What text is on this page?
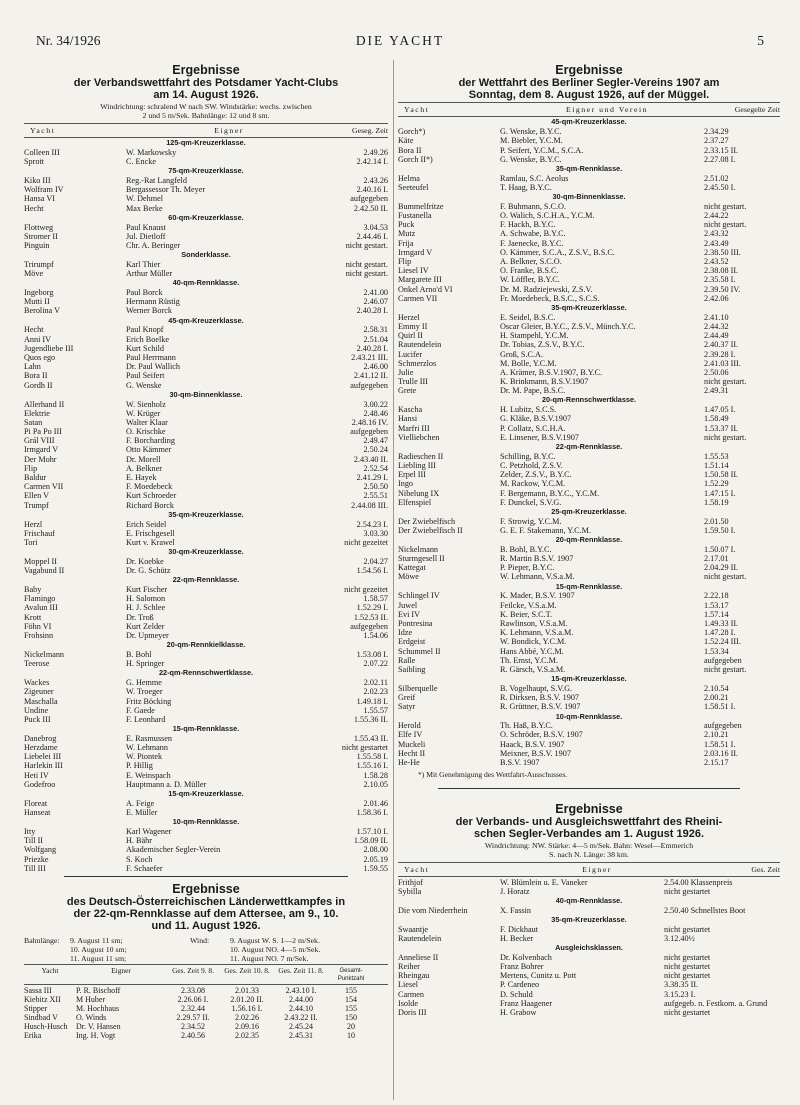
Nr. 34/1926	DIE YACHT	5
Ergebnisse

der Verbandswettfahrt des Potsdamer Yacht-Clubs

am 14. August 1926.

Windrichtung: schralend W nach SW. Windstärke: wechs. zwischen
2 und 5 m/Sek. Bahnlänge: 12 und 8 sm.
Yacht	Eigner	Geseg. Zeit
125-qm-Kreuzerklasse.
Colleen III	W. Markowsky	2.49.26
Sprott	C. Encke	2.42.14 I.
75-qm-Kreuzerklasse.
Kiko III	Reg.-Rat Langfeld	2.43.26
Wolfram IV	Bergassessor Th. Meyer	2.40.16 I.
Hansa VI	W. Dehmel	aufgegeben
Hecht	Max Berke	2.42.50 II.
60-qm-Kreuzerklasse.
Flottweg	Paul Knaust	3.04.53
Stromer II	Jul. Dietloff	2.44.46 I.
Pinguin	Chr. A. Beringer	nicht gestart.
Sonderklasse.
Trirumpf	Karl Thier	nicht gestart.
Möve	Arthur Müller	nicht gestart.
40-qm-Rennklasse.
Ingeborg	Paul Borck	2.41.00
Mutti II	Hermann Rüstig	2.46.07
Berolina V	Werner Borck	2.40.28 I.
45-qm-Kreuzerklasse.
Hecht	Paul Knopf	2.58.31
Anni IV	Erich Boelke	2.51.04
Jugendliebe III	Kurt Schild	2.40.28 I.
Quos ego	Paul Herrmann	2.43.21 III.
Lahn	Dr. Paul Wallich	2.46.00
Bora II	Paul Seifert	2.41.12 II.
Gordh II	G. Wenske	aufgegeben
30-qm-Binnenklasse.
Allerhand II	W. Sienholz	3.00.22
Elektrie	W. Krüger	2.48.46
Satan	Walter Klaar	2.48.16 IV.
Pi Pa Po III	O. Krischke	aufgegeben
Grál VIII	F. Borcharding	2.49.47
Irmgard V	Otto Kämmer	2.50.24
Der Mohr	Dr. Morell	2.43.40 II.
Flip	A. Belkner	2.52.54
Baldur	E. Hayek	2.41.29 I.
Carmen VII	F. Moedebeck	2.50.50
Ellen V	Kurt Schroeder	2.55.51
Trumpf	Richard Borck	2.44.08 III.
35-qm-Kreuzerklasse.
Herzl	Erich Seidel	2.54.23 I.
Frischauf	E. Frischgesell	3.03.30
Tori	Kurt v. Krawel	nicht gezeitet
30-qm-Kreuzerklasse.
Moppel II	Dr. Koebke	2.04.27
Vagabund II	Dr. G. Schütz	1.54.56 I.
22-qm-Rennklasse.
Baby	Kurt Fischer	nicht gezeitet
Flamingo	H. Salomon	1.58.57
Avalun III	H. J. Schlee	1.52.29 I.
Krott	Dr. Troß	1.52.53 II.
Föhn VI	Kurt Zelder	aufgegeben
Frohsinn	Dr. Upmeyer	1.54.06
20-qm-Rennkielklasse.
Nickelmann	B. Bohl	1.53.08 I.
Teerose	H. Springer	2.07.22
22-qm-Rennschwertklasse.
Wackes	G. Hemme	2.02.11
Zigeuner	W. Troeger	2.02.23
Maschalla	Fritz Böcking	1.49.18 I.
Undine	F. Gaede	1.55.57
Puck III	F. Leonhard	1.55.36 II.
15-qm-Rennklasse.
Danebrog	E. Rasmussen	1.55.43 II.
Herzdame	W. Lehmann	nicht gestartet
Liebelei III	W. Piontek	1.55.58 I.
Harlekin III	P. Hillig	1.55.16 I.
Heti IV	E. Weinspach	1.58.28
Godefroo	Hauptmann a. D. Müller	2.10.05
15-qm-Kreuzerklasse.
Floreat	A. Feige	2.01.46
Hanseat	E. Müller	1.58.36 I.
10-qm-Rennklasse.
Itty	Karl Wagener	1.57.10 I.
Till II	H. Bähr	1.58.09 II.
Wolfgang	Akademischer Segler-Verein	2.08.00
Priezke	S. Koch	2.05.19
Till III	F. Schaefer	1.59.55
Ergebnisse

des Deutsch-Österreichischen Länderwettkampfes in

der 22-qm-Rennklasse auf dem Attersee, am 9., 10.

und 11. August 1926.

Bahnlänge:	9. August 11 sm;
10. August 10 sm;
11. August 11 sm;
Wind:	9. August W. S. 1—2 m/Sek.
10. August NO. 4—5 m/Sek.
11. August NO. 7 m/Sek.
Yacht	Eigner	Ges. Zeit 9. 8.	Ges. Zeit 10. 8.	Ges. Zeit 11. 8.	Gesamt-Punktzahl
Sassa III	P. R. Bischoff	2.33.08	2.01.33	2.43.10 I.	155
Kiebitz XII	M Huber	2.26.06 I.	2.01.20 II.	2.44.00	154
Stipper	M. Hochhaus	2.32.44	1.56.16 I.	2.44.10	155
Sindbad V	O. Winds	2.29.57 II.	2.02.26	2.43.22 II.	150
Husch-Husch	Dr. V. Hansen	2.34.52	2.09.16	2.45.24	20
Erika	Ing. H. Vogt	2.40.56	2.02.35	2.45.31	10
Ergebnisse

der Wettfahrt des Berliner Segler-Vereins 1907 am

Sonntag, dem 8. August 1926, auf der Müggel.

Yacht	Eigner und Verein	Gesegelte Zeit
45-qm-Kreuzerklasse.
Gorch*)	G. Wenske, B.Y.C.	2.34.29
Käte	M. Biebler, Y.C.M.	2.37.27
Bora II	P. Seifert, Y.C.M., S.C.A.	2.33.15 II.
Gorch II*)	G. Wenske, B.Y.C.	2.27.08 I.
35-qm-Rennklasse.
Helma	Ramlau, S.C. Aeolus	2.51.02
Seeteufel	T. Haag, B.Y.C.	2.45.50 I.
30-qm-Binnenklasse.
Bummelfritze	F. Buhmann, S.C.O.	nicht gestart.
Fustanella	O. Walich, S.C.H.A., Y.C.M.	2.44.22
Puck	F. Hackh, B.Y.C.	nicht gestart.
Mutz	A. Schwabe, B.Y.C.	2.43.32
Frija	F. Jaenecke, B.Y.C.	2.43.49
Irmgard V	O. Kämmer, S.C.A., Z.S.V., B.S.C.	2.38.50 III.
Flip	A. Belkner, S.C.O.	2.43.52
Liesel IV	O. Franke, B.S.C.	2.38.08 II.
Margarete III	W. Löffler, B.Y.C.	2.35.58 I.
Onkel Arno'd VI	Dr. M. Radziejewski, Z.S.V.	2.39.50 IV.
Carmen VII	Fr. Moedebeck, B.S.C., S.C.S.	2.42.06
35-qm-Kreuzerklasse.
Herzel	E. Seidel, B.S.C.	2.41.10
Emmy II	Oscar Gleier, B.Y.C., Z.S.V., Münch.Y.C.	2.44.32
Quirl II	H. Stampehl, Y.C.M.	2.44.49
Rautendelein	Dr. Tobias, Z.S.V., B.Y.C.	2.40.37 II.
Lucifer	Groß, S.C.A.	2.39.28 I.
Schmerzlos	M. Bolle, Y.C.M.	2.41.03 III.
Julie	A. Krämer, B.S.V.1907, B.Y.C.	2.50.06
Trulle III	K. Brinkmann, B.S.V.1907	nicht gestart.
Grete	Dr. M. Pape, B.S.C.	2.49.31
20-qm-Rennschwertklasse.
Kascha	H. Lubitz, S.C.S.	1.47.05 I.
Hansi	G. Kläke, B.S.V.1907	1.58.49
Marfri III	P. Collatz, S.C.H.A.	1.53.37 II.
Vielliebchen	E. Linsener, B.S.V.1907	nicht gestart.
22-qm-Rennklasse.
Radieschen II	Schilling, B.Y.C.	1.55.53
Liebling III	C. Petzhold, Z.S.V.	1.51.14
Erpel III	Zelder, Z.S.V., B.Y.C.	1.50.58 II.
Ingo	M. Rackow, Y.C.M.	1.52.29
Nibelung IX	F. Bergemann, B.Y.C., Y.C.M.	1.47.15 I.
Elfenspiel	F. Dunckel, S.V.G.	1.58.19
25-qm-Kreuzerklasse.
Der Zwiebelfisch	F. Strowig, Y.C.M.	2.01.50
Der Zwiebelfisch II	G. E. F. Stakemann, Y.C.M.	1.59.50 I.
20-qm-Rennklasse.
Nickelmann	B. Bohl, B.Y.C.	1.50.07 I.
Sturmgesell II	R. Martin B.S.V. 1907	2.17.01
Kattegat	P. Pieper, B.Y.C.	2.04.29 II.
Möwe	W. Lehmann, V.S.a.M.	nicht gestart.
15-qm-Rennklasse.
Schlingel IV	K. Mader, B.S.V. 1907	2.22.18
Juwel	Feilcke, V.S.a.M.	1.53.17
Evi IV	K. Beier, S.C.T.	1.57.14
Pontresina	Rawlinson, V.S.a.M.	1.49.33 II.
Idze	K. Lehmann, V.S.a.M.	1.47.28 I.
Erdgeist	W. Bondick, Y.C.M.	1.52.24 III.
Schummel II	Hans Abbé, Y.C.M.	1.53.34
Ralle	Th. Ernst, Y.C.M.	aufgegeben
Saibling	R. Gärsch, V.S.a.M.	nicht gestart.
15-qm-Kreuzerklasse.
Silberquelle	B. Vogelhaupt, S.V.G.	2.10.54
Greif	R. Dirksen, B.S.V. 1907	2.00.21
Satyr	R. Grüttner, B.S.V. 1907	1.58.51 I.
10-qm-Rennklasse.
Herold	Th. Haß, B.Y.C.	aufgegeben
Elfe IV	O. Schröder, B.S.V. 1907	2.10.21
Muckeli	Haack, B.S.V. 1907	1.58.51 I.
Hecht II	Meixner, B.S.V. 1907	2.03.16 II.
He-He	B.S.V. 1907	2.15.17
*) Mit Genehmigung des Wettfahrt-Ausschusses.
Ergebnisse

der Verbands- und Ausgleichswettfahrt des Rheini-

schen Segler-Verbandes am 1. August 1926.

Windrichtung: NW. Stärke: 4—5 m/Sek. Bahn: Wesel—Emmerich
S. nach N. Länge: 38 km.
Yacht	Eigner	Ges. Zeit
Frithjof	W. Blümlein u. E. Vaneker	2.54.00 Klassenpreis
Sybilla	J. Horatz	nicht gestartet
40-qm-Rennklasse.
Die vom Niederrhein	X. Fassin	2.50.40 Schnellstes Boot
35-qm-Kreuzerklasse.
Swaantje	F. Dickhaut	nicht gestartet
Rautendelein	H. Becker	3.12.40½
Ausgleichsklassen.
Anneliese II	Dr. Kolvenbach	nicht gestartet
Reiher	Franz Bohrer	nicht gestartet
Rheingau	Mertens, Cunitz u. Pott	nicht gestartet
Liesel	P. Cardeneo	3.38.35 II.
Carmen	D. Schuld	3.15.23 I.
Isolde	Franz Haagener	aufgegeb. n. Festkom. a. Grund
Doris III	H. Grabow	nicht gestartet
